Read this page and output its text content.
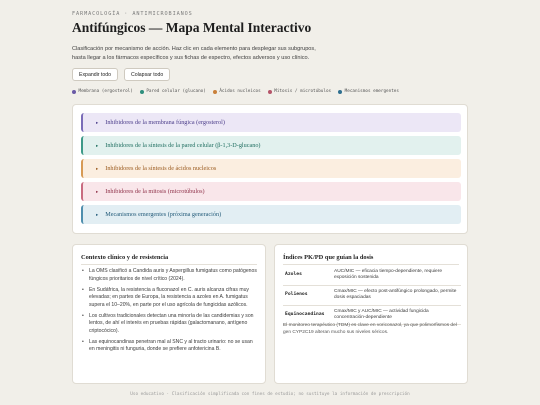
FARMACOLOGÍA · ANTIMICROBIANOS
Antifúngicos — Mapa Mental Interactivo
Clasificación por mecanismo de acción. Haz clic en cada elemento para desplegar sus subgrupos,
hasta llegar a los fármacos específicos y sus fichas de espectro, efectos adversos y uso clínico.
Expandir todo	Colapsar todo
Membrana (ergosterol)	Pared celular (glucano)	Ácidos nucleicos	Mitosis / microtúbulos	Mecanismos emergentes
▸ Inhibidores de la membrana fúngica (ergosterol)
▸ Inhibidores de la síntesis de la pared celular (β-1,3-D-glucano)
▸ Inhibidores de la síntesis de ácidos nucleicos
▸ Inhibidores de la mitosis (microtúbulos)
▸ Mecanismos emergentes (próxima generación)
Contexto clínico y de resistencia
• La OMS clasificó a Candida auris y Aspergillus fumigatus como patógenos fúngicos prioritarios de nivel crítico (2024).
• En Sudáfrica, la resistencia a fluconazol en C. auris alcanza cifras muy elevadas; en partes de Europa, la resistencia a azoles en A. fumigatus supera el 10–20%, en parte por el uso agrícola de fungicidas azólicos.
• Los cultivos tradicionales detectan una minoría de las candidemias y son lentos, de ahí el interés en pruebas rápidas (galactomanano, antígeno criptocócico).
• Las equinocandinas penetran mal al SNC y al tracto urinario: no se usan en meningitis ni funguria, donde se prefiere anfotericina B.
Índices PK/PD que guían la dosis
Azoles	AUC/MIC — eficacia tiempo-dependiente, requiere exposición sostenida
Polienos	Cmax/MIC — efecto post-antifúngico prolongado, permite dosis espaciadas
Equinocandinas	Cmax/MIC y AUC/MIC — actividad fungicida concentración-dependiente
El monitoreo terapéutico (TDM) es clave en voriconazol, ya que polimorfismos del gen CYP2C19 alteran mucho sus niveles séricos.
Uso educativo · Clasificación simplificada con fines de estudio; no sustituye la información de prescripción
